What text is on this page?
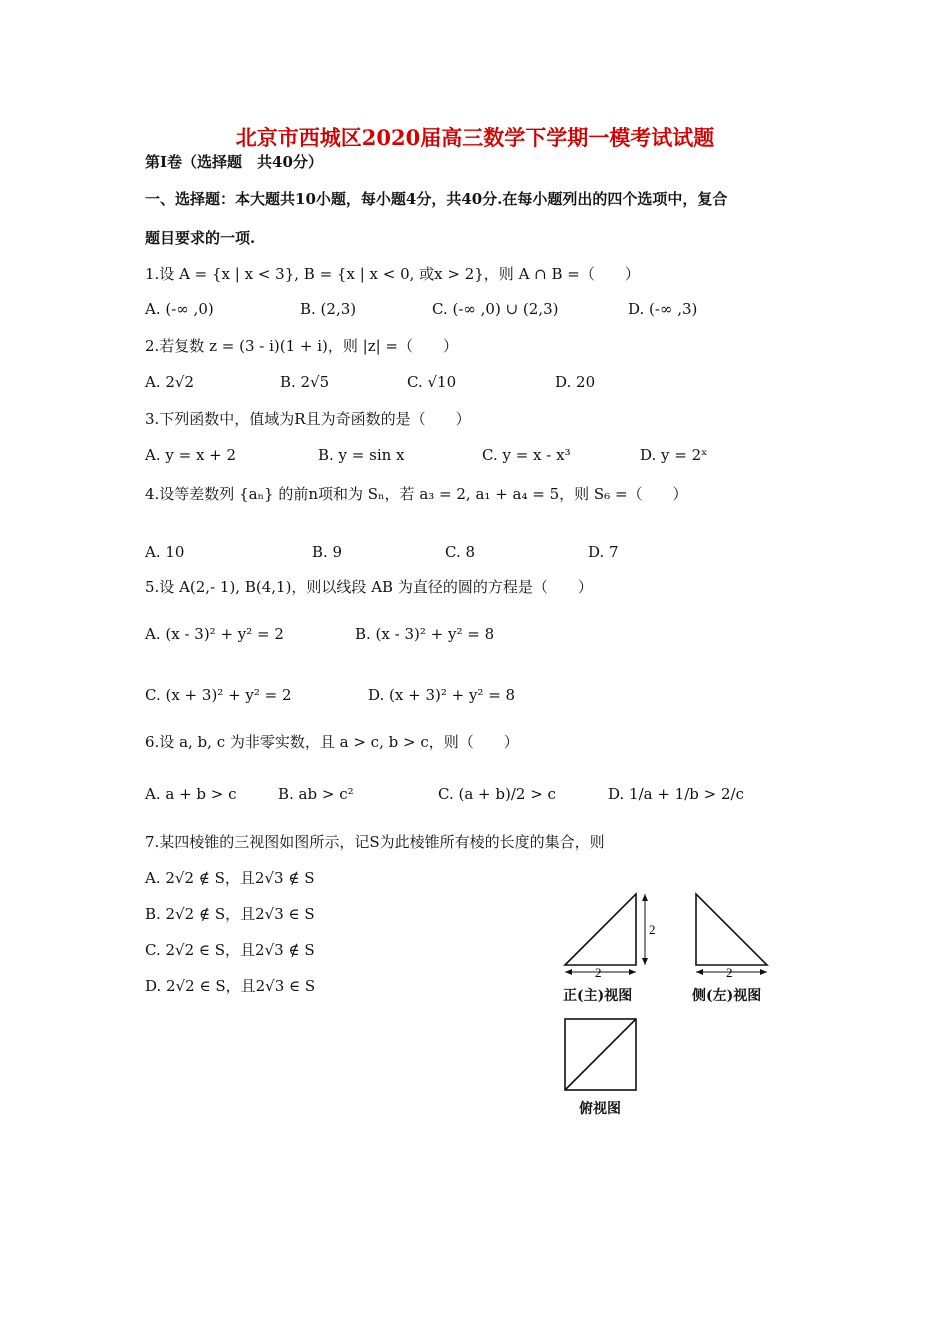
北京市西城区2020届高三数学下学期一模考试试题
第Ⅰ卷（选择题　共40分）
一、选择题：本大题共10小题，每小题4分，共40分.在每小题列出的四个选项中，复合
题目要求的一项.
1.设 A = {x | x < 3}, B = {x | x < 0, 或x > 2}，则 A ∩ B =（　　）
A. (-∞ ,0)	B. (2,3)	C. (-∞ ,0) ∪ (2,3)	D. (-∞ ,3)
2.若复数 z = (3 - i)(1 + i)，则 |z| =（　　）
A. 2√2	B. 2√5	C. √10	D. 20
3.下列函数中，值域为R且为奇函数的是（　　）
A. y = x + 2	B. y = sin x	C. y = x - x³	D. y = 2ˣ
4.设等差数列 {aₙ} 的前n项和为 Sₙ，若 a₃ = 2, a₁ + a₄ = 5，则 S₆ =（　　）
A. 10	B. 9	C. 8	D. 7
5.设 A(2,- 1), B(4,1)，则以线段 AB 为直径的圆的方程是（　　）
A. (x - 3)² + y² = 2	B. (x - 3)² + y² = 8
C. (x + 3)² + y² = 2	D. (x + 3)² + y² = 8
6.设 a, b, c 为非零实数，且 a > c, b > c，则（　　）
A. a + b > c	B. ab > c²	C. (a + b)/2 > c	D. 1/a + 1/b > 2/c
7.某四棱锥的三视图如图所示，记S为此棱锥所有棱的长度的集合，则
A. 2√2 ∉ S，且2√3 ∉ S
B. 2√2 ∉ S，且2√3 ∈ S
C. 2√2 ∈ S，且2√3 ∉ S
D. 2√2 ∈ S，且2√3 ∈ S
2
2	2
正(主)视图	侧(左)视图
俯视图
